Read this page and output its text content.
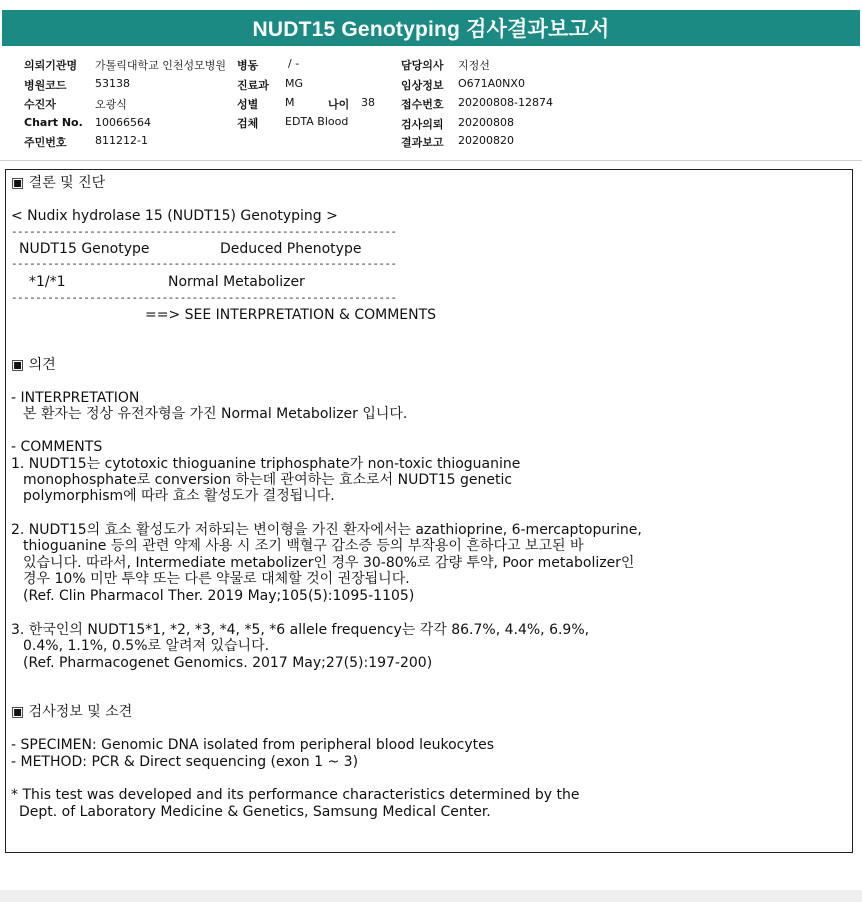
NUDT15 Genotyping 검사결과보고서
의뢰기관명 가톨릭대학교 인천성모병원 병동	/ -	담당의사 지정선
병원코드	53138	진료과 MG	임상정보 O671A0NX0
수진자	오광식	성별 M	나이 38 접수번호 20200808-12874
Chart No. 10066564	검체 EDTA Blood	검사의뢰 20200808
주민번호	811212-1	결과보고 20200820
▣ 결론 및 진단
< Nudix hydrolase 15 (NUDT15) Genotyping >
----------------------------------------------------------------
NUDT15 Genotype	Deduced Phenotype
----------------------------------------------------------------
*1/*1	Normal Metabolizer
----------------------------------------------------------------
==> SEE INTERPRETATION & COMMENTS
▣ 의견
- INTERPRETATION
본 환자는 정상 유전자형을 가진 Normal Metabolizer 입니다.
- COMMENTS
1. NUDT15는 cytotoxic thioguanine triphosphate가 non-toxic thioguanine
monophosphate로 conversion 하는데 관여하는 효소로서 NUDT15 genetic
polymorphism에 따라 효소 활성도가 결정됩니다.
2. NUDT15의 효소 활성도가 저하되는 변이형을 가진 환자에서는 azathioprine, 6-mercaptopurine,
thioguanine 등의 관련 약제 사용 시 조기 백혈구 감소증 등의 부작용이 흔하다고 보고된 바
있습니다. 따라서, Intermediate metabolizer인 경우 30-80%로 감량 투약, Poor metabolizer인
경우 10% 미만 투약 또는 다른 약물로 대체할 것이 권장됩니다.
(Ref. Clin Pharmacol Ther. 2019 May;105(5):1095-1105)
3. 한국인의 NUDT15*1, *2, *3, *4, *5, *6 allele frequency는 각각 86.7%, 4.4%, 6.9%,
0.4%, 1.1%, 0.5%로 알려져 있습니다.
(Ref. Pharmacogenet Genomics. 2017 May;27(5):197-200)
▣ 검사정보 및 소견
- SPECIMEN: Genomic DNA isolated from peripheral blood leukocytes
- METHOD: PCR & Direct sequencing (exon 1 ~ 3)
* This test was developed and its performance characteristics determined by the
Dept. of Laboratory Medicine & Genetics, Samsung Medical Center.
